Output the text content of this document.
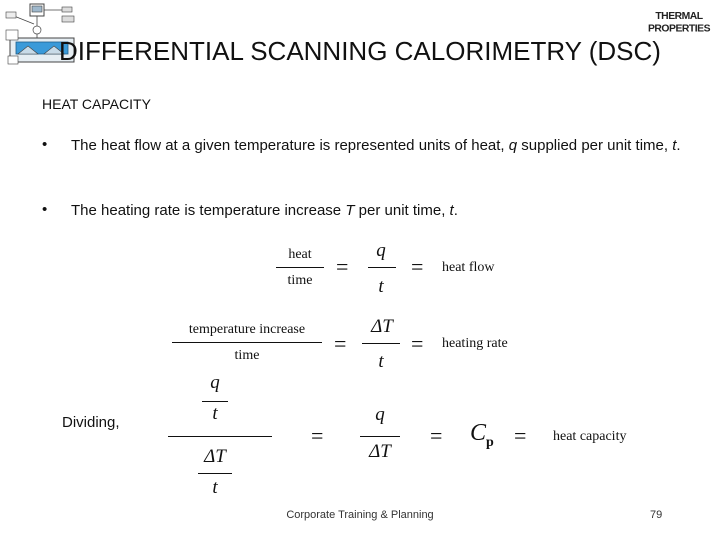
THERMAL
PROPERTIES
DIFFERENTIAL SCANNING CALORIMETRY (DSC)
HEAT CAPACITY
• The heat flow at a given temperature is represented units of heat, q supplied per unit time, t.
• The heating rate is temperature increase T per unit time, t.
heat
time
=
q
t
= heat flow
temperature increase
time	=
ΔT
t
= heating rate
Dividing,
q
t
ΔT
t
=
q
ΔT
= $C_p$ = heat capacity
Corporate Training & Planning	79
